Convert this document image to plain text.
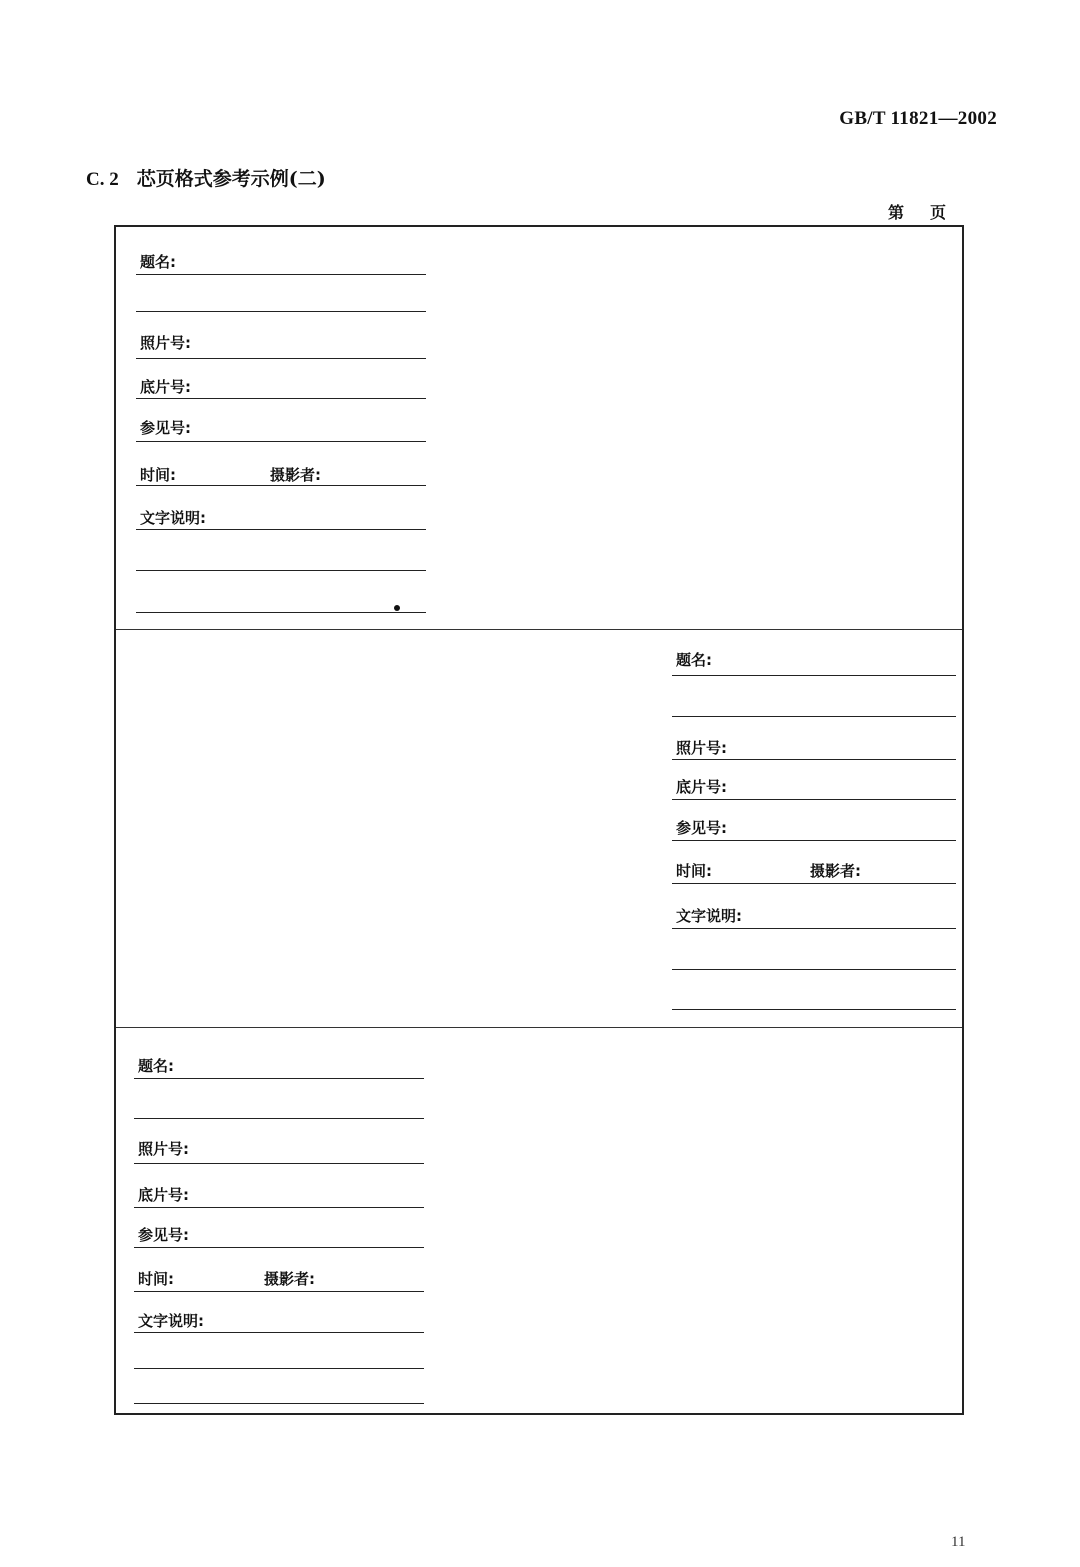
GB/T 11821—2002
C. 2 芯页格式参考示例(二)
第 页
题名:
照片号:
底片号:
参见号:
时间:	摄影者:
文字说明:
题名:
照片号:
底片号:
参见号:
时间:	摄影者:
文字说明:
题名:
照片号:
底片号:
参见号:
时间:	摄影者:
文字说明:
11
